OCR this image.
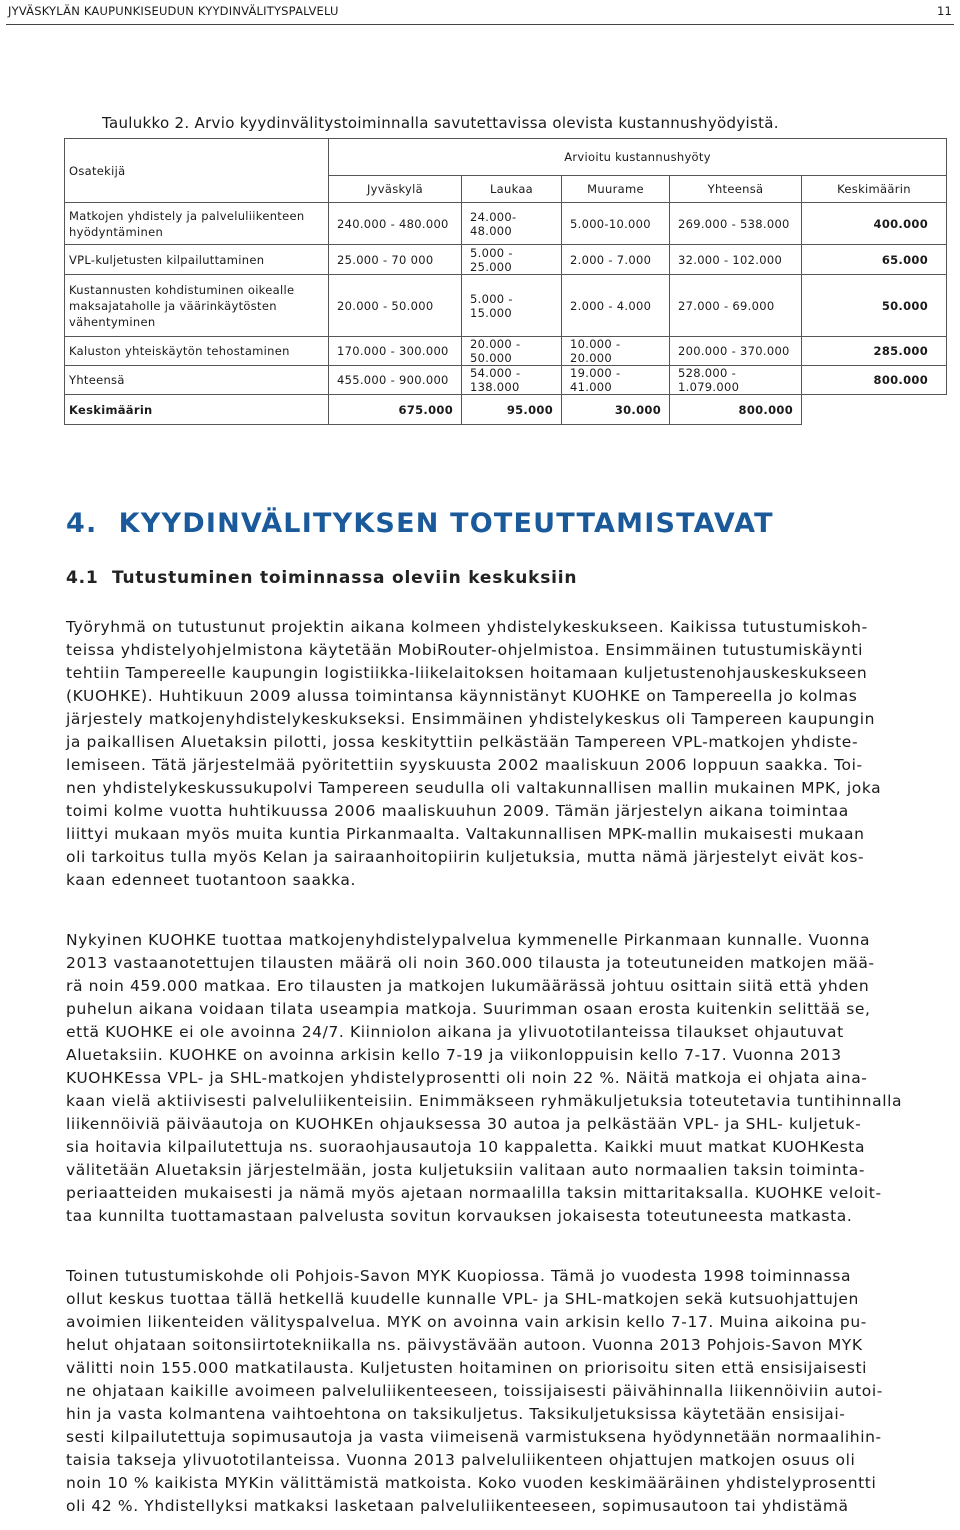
JYVÄSKYLÄN KAUPUNKISEUDUN KYYDINVÄLITYSPALVELU	11
Taulukko 2. Arvio kyydinvälitystoiminnalla savutettavissa olevista kustannushyödyistä.
Osatekijä	Arvioitu kustannushyöty				
	Jyväskylä	Laukaa	Muurame	Yhteensä	Keskimäärin
Matkojen yhdistely ja palveluliikenteen
hyödyntäminen	240.000 - 480.000	24.000-48.000	5.000-10.000	269.000 - 538.000	400.000
VPL-kuljetusten kilpailuttaminen	25.000 - 70 000	5.000 - 25.000	2.000 - 7.000	32.000 - 102.000	65.000
Kustannusten kohdistuminen oikealle
maksajataholle ja väärinkäytösten
vähentyminen	20.000 - 50.000	5.000 - 15.000	2.000 - 4.000	27.000 - 69.000	50.000
Kaluston yhteiskäytön tehostaminen	170.000 - 300.000	20.000 - 50.000	10.000 - 20.000	200.000 - 370.000	285.000
Yhteensä	455.000 - 900.000	54.000 - 138.000	19.000 - 41.000	528.000 - 1.079.000	800.000
Keskimäärin	675.000	95.000	30.000	800.000	
4. KYYDINVÄLITYKSEN TOTEUTTAMISTAVAT
4.1 Tutustuminen toiminnassa oleviin keskuksiin

Työryhmä on tutustunut projektin aikana kolmeen yhdistelykeskukseen. Kaikissa tutustumiskoh-
teissa yhdistelyohjelmistona käytetään MobiRouter-ohjelmistoa. Ensimmäinen tutustumiskäynti
tehtiin Tampereelle kaupungin logistiikka-liikelaitoksen hoitamaan kuljetustenohjauskeskukseen
(KUOHKE). Huhtikuun 2009 alussa toimintansa käynnistänyt KUOHKE on Tampereella jo kolmas
järjestely matkojenyhdistelykeskukseksi. Ensimmäinen yhdistelykeskus oli Tampereen kaupungin
ja paikallisen Aluetaksin pilotti, jossa keskityttiin pelkästään Tampereen VPL-matkojen yhdiste-
lemiseen. Tätä järjestelmää pyöritettiin syyskuusta 2002 maaliskuun 2006 loppuun saakka. Toi-
nen yhdistelykeskussukupolvi Tampereen seudulla oli valtakunnallisen mallin mukainen MPK, joka
toimi kolme vuotta huhtikuussa 2006 maaliskuuhun 2009. Tämän järjestelyn aikana toimintaa
liittyi mukaan myös muita kuntia Pirkanmaalta. Valtakunnallisen MPK-mallin mukaisesti mukaan
oli tarkoitus tulla myös Kelan ja sairaanhoitopiirin kuljetuksia, mutta nämä järjestelyt eivät kos-
kaan edenneet tuotantoon saakka.

Nykyinen KUOHKE tuottaa matkojenyhdistelypalvelua kymmenelle Pirkanmaan kunnalle. Vuonna
2013 vastaanotettujen tilausten määrä oli noin 360.000 tilausta ja toteutuneiden matkojen mää-
rä noin 459.000 matkaa. Ero tilausten ja matkojen lukumäärässä johtuu osittain siitä että yhden
puhelun aikana voidaan tilata useampia matkoja. Suurimman osaan erosta kuitenkin selittää se,
että KUOHKE ei ole avoinna 24/7. Kiinniolon aikana ja ylivuototilanteissa tilaukset ohjautuvat
Aluetaksiin. KUOHKE on avoinna arkisin kello 7-19 ja viikonloppuisin kello 7-17. Vuonna 2013
KUOHKEssa VPL- ja SHL-matkojen yhdistelyprosentti oli noin 22 %. Näitä matkoja ei ohjata aina-
kaan vielä aktiivisesti palveluliikenteisiin. Enimmäkseen ryhmäkuljetuksia toteutetavia tuntihinnalla
liikennöiviä päiväautoja on KUOHKEn ohjauksessa 30 autoa ja pelkästään VPL- ja SHL- kuljetuk-
sia hoitavia kilpailutettuja ns. suoraohjausautoja 10 kappaletta. Kaikki muut matkat KUOHKesta
välitetään Aluetaksin järjestelmään, josta kuljetuksiin valitaan auto normaalien taksin toiminta-
periaatteiden mukaisesti ja nämä myös ajetaan normaalilla taksin mittaritaksalla. KUOHKE veloit-
taa kunnilta tuottamastaan palvelusta sovitun korvauksen jokaisesta toteutuneesta matkasta.

Toinen tutustumiskohde oli Pohjois-Savon MYK Kuopiossa. Tämä jo vuodesta 1998 toiminnassa
ollut keskus tuottaa tällä hetkellä kuudelle kunnalle VPL- ja SHL-matkojen sekä kutsuohjattujen
avoimien liikenteiden välityspalvelua. MYK on avoinna vain arkisin kello 7-17. Muina aikoina pu-
helut ohjataan soitonsiirtotekniikalla ns. päivystävään autoon. Vuonna 2013 Pohjois-Savon MYK
välitti noin 155.000 matkatilausta. Kuljetusten hoitaminen on priorisoitu siten että ensisijaisesti
ne ohjataan kaikille avoimeen palveluliikenteeseen, toissijaisesti päivähinnalla liikennöiviin autoi-
hin ja vasta kolmantena vaihtoehtona on taksikuljetus. Taksikuljetuksissa käytetään ensisijai-
sesti kilpailutettuja sopimusautoja ja vasta viimeisenä varmistuksena hyödynnetään normaalihin-
taisia takseja ylivuototilanteissa. Vuonna 2013 palveluliikenteen ohjattujen matkojen osuus oli
noin 10 % kaikista MYKin välittämistä matkoista. Koko vuoden keskimääräinen yhdistelyprosentti
oli 42 %. Yhdistellyksi matkaksi lasketaan palveluliikenteeseen, sopimusautoon tai yhdistämä
